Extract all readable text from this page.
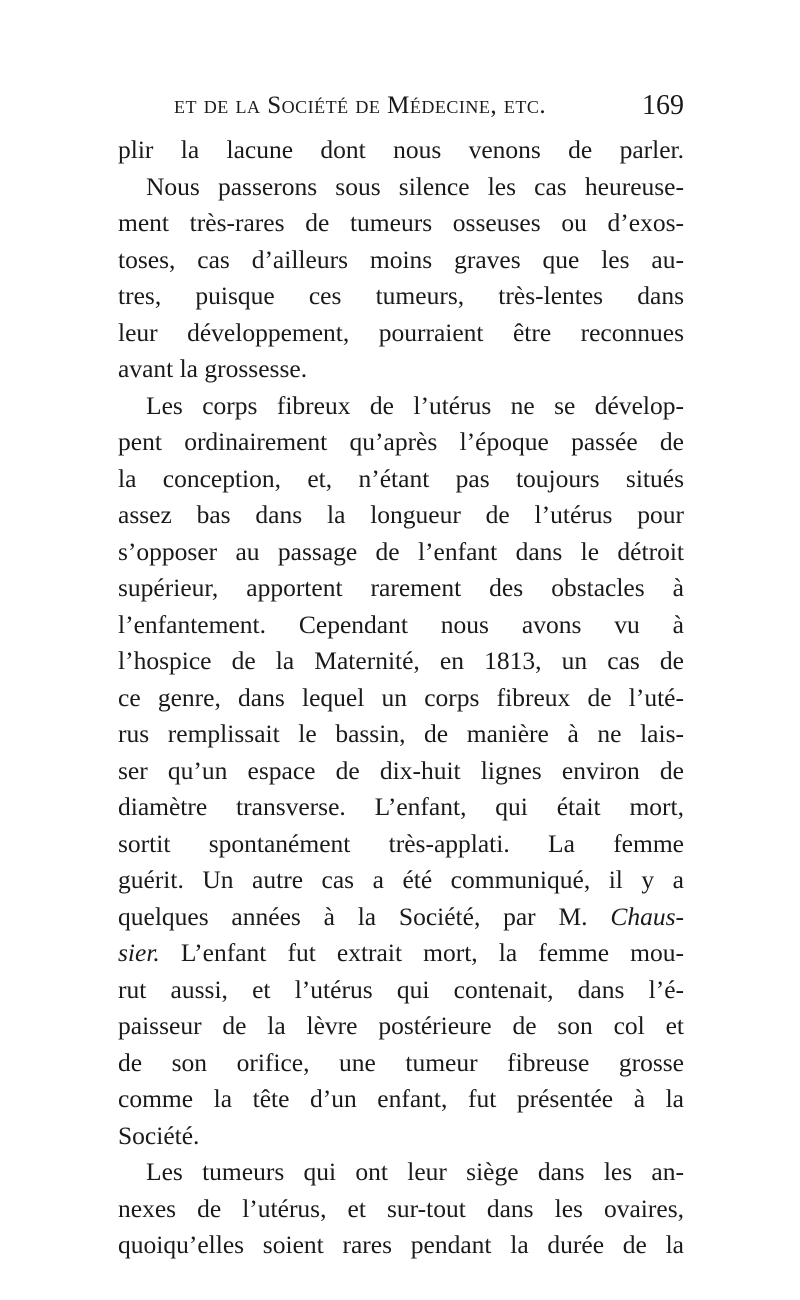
et de la Société de Médecine, etc.	169
plir la lacune dont nous venons de parler.
Nous passerons sous silence les cas heureuse-
ment très-rares de tumeurs osseuses ou d’exos-
toses, cas d’ailleurs moins graves que les au-
tres, puisque ces tumeurs, très-lentes dans
leur développement, pourraient être reconnues
avant la grossesse.
Les corps fibreux de l’utérus ne se dévelop-
pent ordinairement qu’après l’époque passée de
la conception, et, n’étant pas toujours situés
assez bas dans la longueur de l’utérus pour
s’opposer au passage de l’enfant dans le détroit
supérieur, apportent rarement des obstacles à
l’enfantement. Cependant nous avons vu à
l’hospice de la Maternité, en 1813, un cas de
ce genre, dans lequel un corps fibreux de l’uté-
rus remplissait le bassin, de manière à ne lais-
ser qu’un espace de dix-huit lignes environ de
diamètre transverse. L’enfant, qui était mort,
sortit spontanément très-applati. La femme
guérit. Un autre cas a été communiqué, il y a
quelques années à la Société, par M. Chaus-
sier. L’enfant fut extrait mort, la femme mou-
rut aussi, et l’utérus qui contenait, dans l’é-
paisseur de la lèvre postérieure de son col et
de son orifice, une tumeur fibreuse grosse
comme la tête d’un enfant, fut présentée à la
Société.
Les tumeurs qui ont leur siège dans les an-
nexes de l’utérus, et sur-tout dans les ovaires,
quoiqu’elles soient rares pendant la durée de la
